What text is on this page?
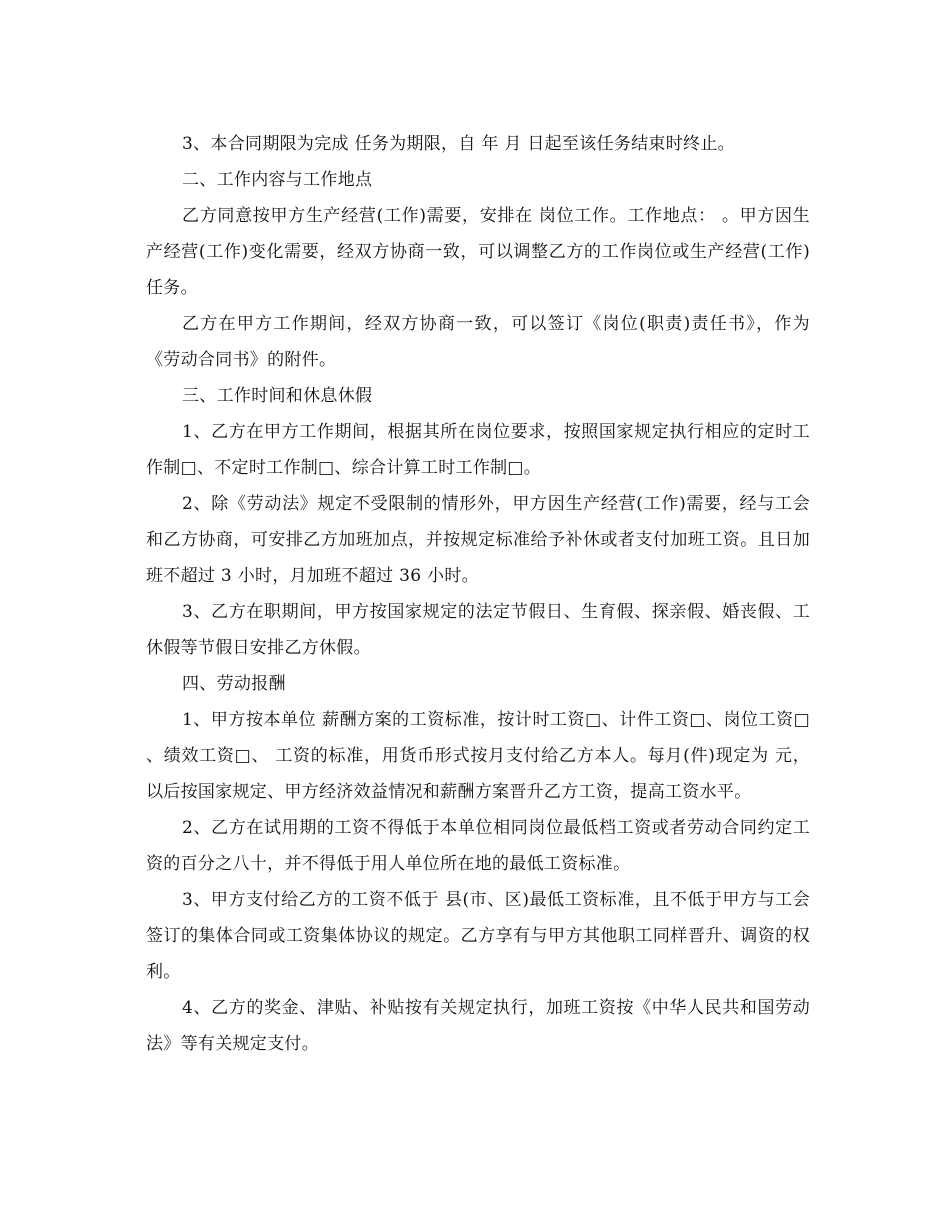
3、本合同期限为完成 任务为期限，自 年 月 日起至该任务结束时终止。

二、工作内容与工作地点

乙方同意按甲方生产经营(工作)需要，安排在 岗位工作。工作地点： 。甲方因生产经营(工作)变化需要，经双方协商一致，可以调整乙方的工作岗位或生产经营(工作)任务。

乙方在甲方工作期间，经双方协商一致，可以签订《岗位(职责)责任书》，作为《劳动合同书》的附件。

三、工作时间和休息休假

1、乙方在甲方工作期间，根据其所在岗位要求，按照国家规定执行相应的定时工作制□、不定时工作制□、综合计算工时工作制□。

2、除《劳动法》规定不受限制的情形外，甲方因生产经营(工作)需要，经与工会和乙方协商，可安排乙方加班加点，并按规定标准给予补休或者支付加班工资。且日加班不超过 3 小时，月加班不超过 36 小时。

3、乙方在职期间，甲方按国家规定的法定节假日、生育假、探亲假、婚丧假、工休假等节假日安排乙方休假。

四、劳动报酬

1、甲方按本单位 薪酬方案的工资标准，按计时工资□、计件工资□、岗位工资□ 、绩效工资□、 工资的标准，用货币形式按月支付给乙方本人。每月(件)现定为 元，以后按国家规定、甲方经济效益情况和薪酬方案晋升乙方工资，提高工资水平。

2、乙方在试用期的工资不得低于本单位相同岗位最低档工资或者劳动合同约定工资的百分之八十，并不得低于用人单位所在地的最低工资标准。

3、甲方支付给乙方的工资不低于 县(市、区)最低工资标准，且不低于甲方与工会签订的集体合同或工资集体协议的规定。乙方享有与甲方其他职工同样晋升、调资的权利。

4、乙方的奖金、津贴、补贴按有关规定执行，加班工资按《中华人民共和国劳动法》等有关规定支付。
